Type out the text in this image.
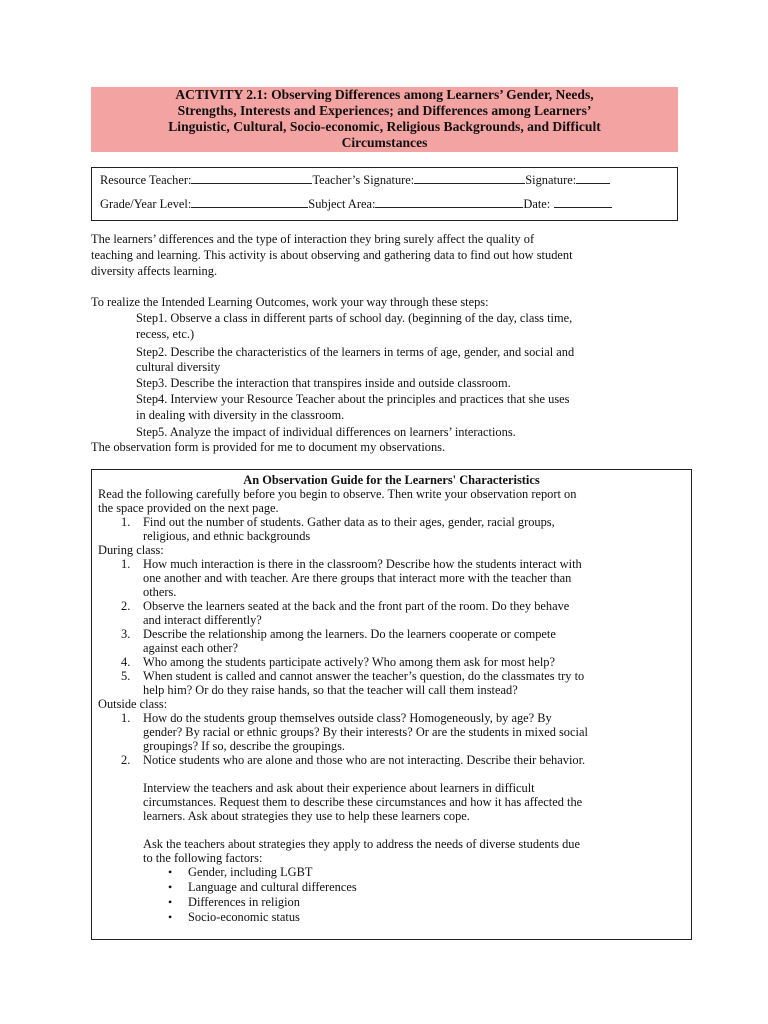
ACTIVITY 2.1: Observing Differences among Learners’ Gender, Needs,
Strengths, Interests and Experiences; and Differences among Learners’
Linguistic, Cultural, Socio-economic, Religious Backgrounds, and Difficult
Circumstances
Resource Teacher:	Teacher’s Signature:	Signature:
Grade/Year Level:	Subject Area:	Date:
The learners’ differences and the type of interaction they bring surely affect the quality of
teaching and learning. This activity is about observing and gathering data to find out how student
diversity affects learning.
To realize the Intended Learning Outcomes, work your way through these steps:
Step1. Observe a class in different parts of school day. (beginning of the day, class time,
recess, etc.)
Step2. Describe the characteristics of the learners in terms of age, gender, and social and
cultural diversity
Step3. Describe the interaction that transpires inside and outside classroom.
Step4. Interview your Resource Teacher about the principles and practices that she uses
in dealing with diversity in the classroom.
Step5. Analyze the impact of individual differences on learners’ interactions.
The observation form is provided for me to document my observations.
An Observation Guide for the Learners' Characteristics
Read the following carefully before you begin to observe. Then write your observation report on
the space provided on the next page.
1. Find out the number of students. Gather data as to their ages, gender, racial groups,
religious, and ethnic backgrounds
During class:
1. How much interaction is there in the classroom? Describe how the students interact with
one another and with teacher. Are there groups that interact more with the teacher than
others.
2. Observe the learners seated at the back and the front part of the room. Do they behave
and interact differently?
3. Describe the relationship among the learners. Do the learners cooperate or compete
against each other?
4. Who among the students participate actively? Who among them ask for most help?
5. When student is called and cannot answer the teacher’s question, do the classmates try to
help him? Or do they raise hands, so that the teacher will call them instead?
Outside class:
1. How do the students group themselves outside class? Homogeneously, by age? By
gender? By racial or ethnic groups? By their interests? Or are the students in mixed social
groupings? If so, describe the groupings.
2. Notice students who are alone and those who are not interacting. Describe their behavior.
Interview the teachers and ask about their experience about learners in difficult
circumstances. Request them to describe these circumstances and how it has affected the
learners. Ask about strategies they use to help these learners cope.
Ask the teachers about strategies they apply to address the needs of diverse students due
to the following factors:
• Gender, including LGBT
• Language and cultural differences
• Differences in religion
• Socio-economic status
